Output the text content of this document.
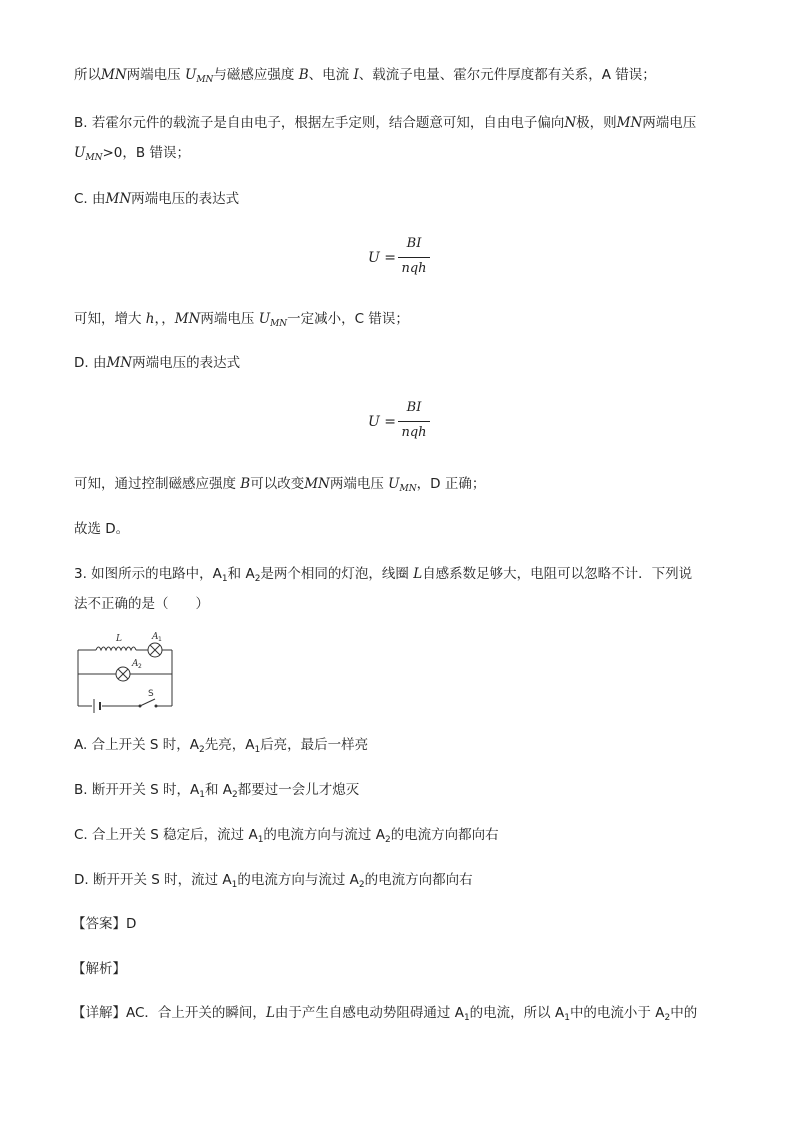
所以MN两端电压 $U_{MN}$与磁感应强度 B、电流 I、载流子电量、霍尔元件厚度都有关系，A 错误；
B. 若霍尔元件的载流子是自由电子，根据左手定则，结合题意可知，自由电子偏向N极，则MN两端电压
$U_{MN}>0$，B 错误；
C. 由MN两端电压的表达式
U =
BI
nqh
可知，增大 h，，MN两端电压 $U_{MN}$一定减小，C 错误；
D. 由MN两端电压的表达式
U =
BI
nqh
可知，通过控制磁感应强度 B可以改变MN两端电压 $U_{MN}$，D 正确；
故选 D。
3. 如图所示的电路中，$A_1$和 $A_2$是两个相同的灯泡，线圈 L自感系数足够大，电阻可以忽略不计．下列说
法不正确的是（　　）
L	A 1
A 2
S
A. 合上开关 S 时，$A_2$先亮，$A_1$后亮，最后一样亮
B. 断开开关 S 时，$A_1$和 $A_2$都要过一会儿才熄灭
C. 合上开关 S 稳定后，流过 $A_1$的电流方向与流过 $A_2$的电流方向都向右
D. 断开开关 S 时，流过 $A_1$的电流方向与流过 $A_2$的电流方向都向右
【答案】D
【解析】
【详解】AC．合上开关的瞬间，L由于产生自感电动势阻碍通过 $A_1$的电流，所以 $A_1$中的电流小于 $A_2$中的
